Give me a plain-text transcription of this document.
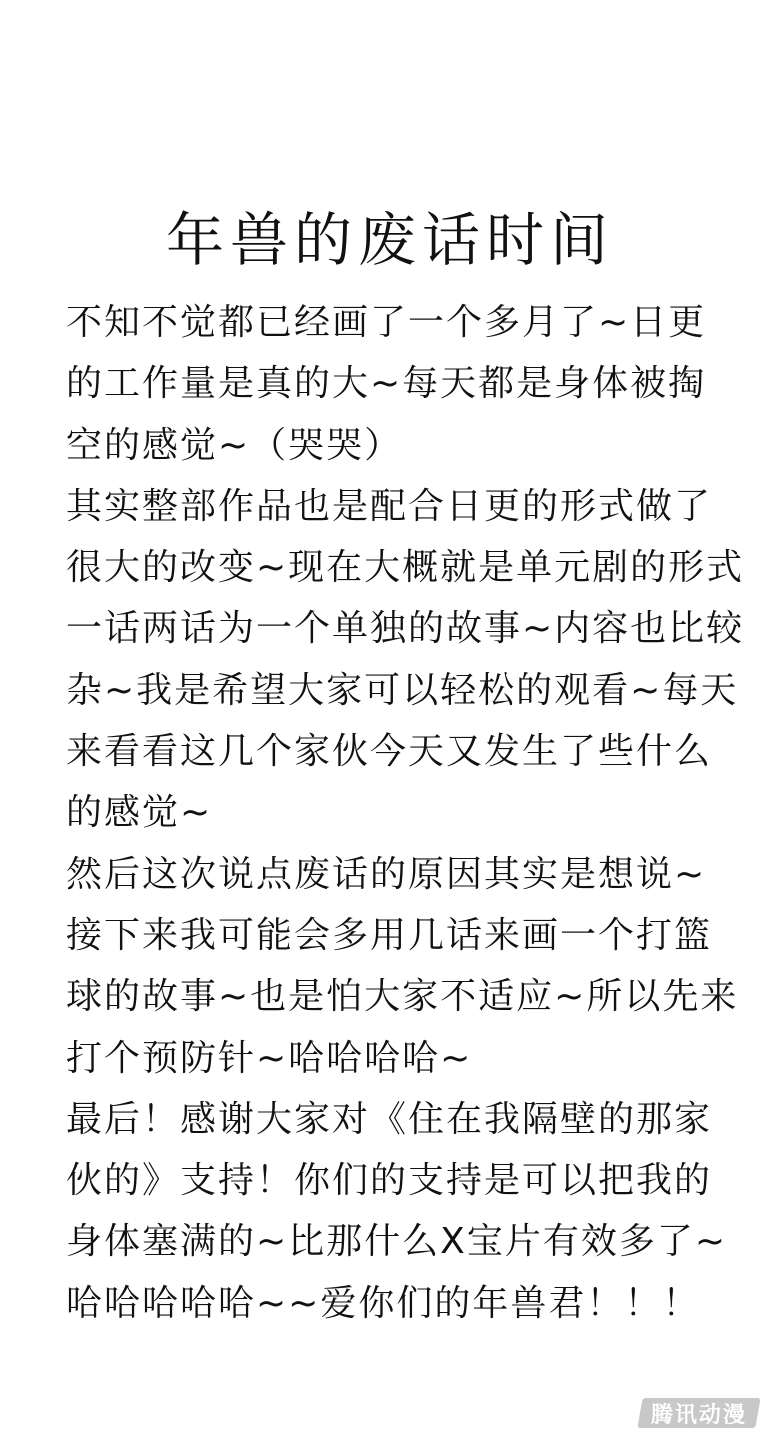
年兽的废话时间
不知不觉都已经画了一个多月了~日更
的工作量是真的大~每天都是身体被掏
空的感觉~（哭哭）
其实整部作品也是配合日更的形式做了
很大的改变~现在大概就是单元剧的形式
一话两话为一个单独的故事~内容也比较
杂~我是希望大家可以轻松的观看~每天
来看看这几个家伙今天又发生了些什么
的感觉~
然后这次说点废话的原因其实是想说~
接下来我可能会多用几话来画一个打篮
球的故事~也是怕大家不适应~所以先来
打个预防针~哈哈哈哈~
最后！感谢大家对《住在我隔壁的那家
伙的》支持！你们的支持是可以把我的
身体塞满的~比那什么X宝片有效多了~
哈哈哈哈哈~~爱你们的年兽君！！！
腾讯动漫
